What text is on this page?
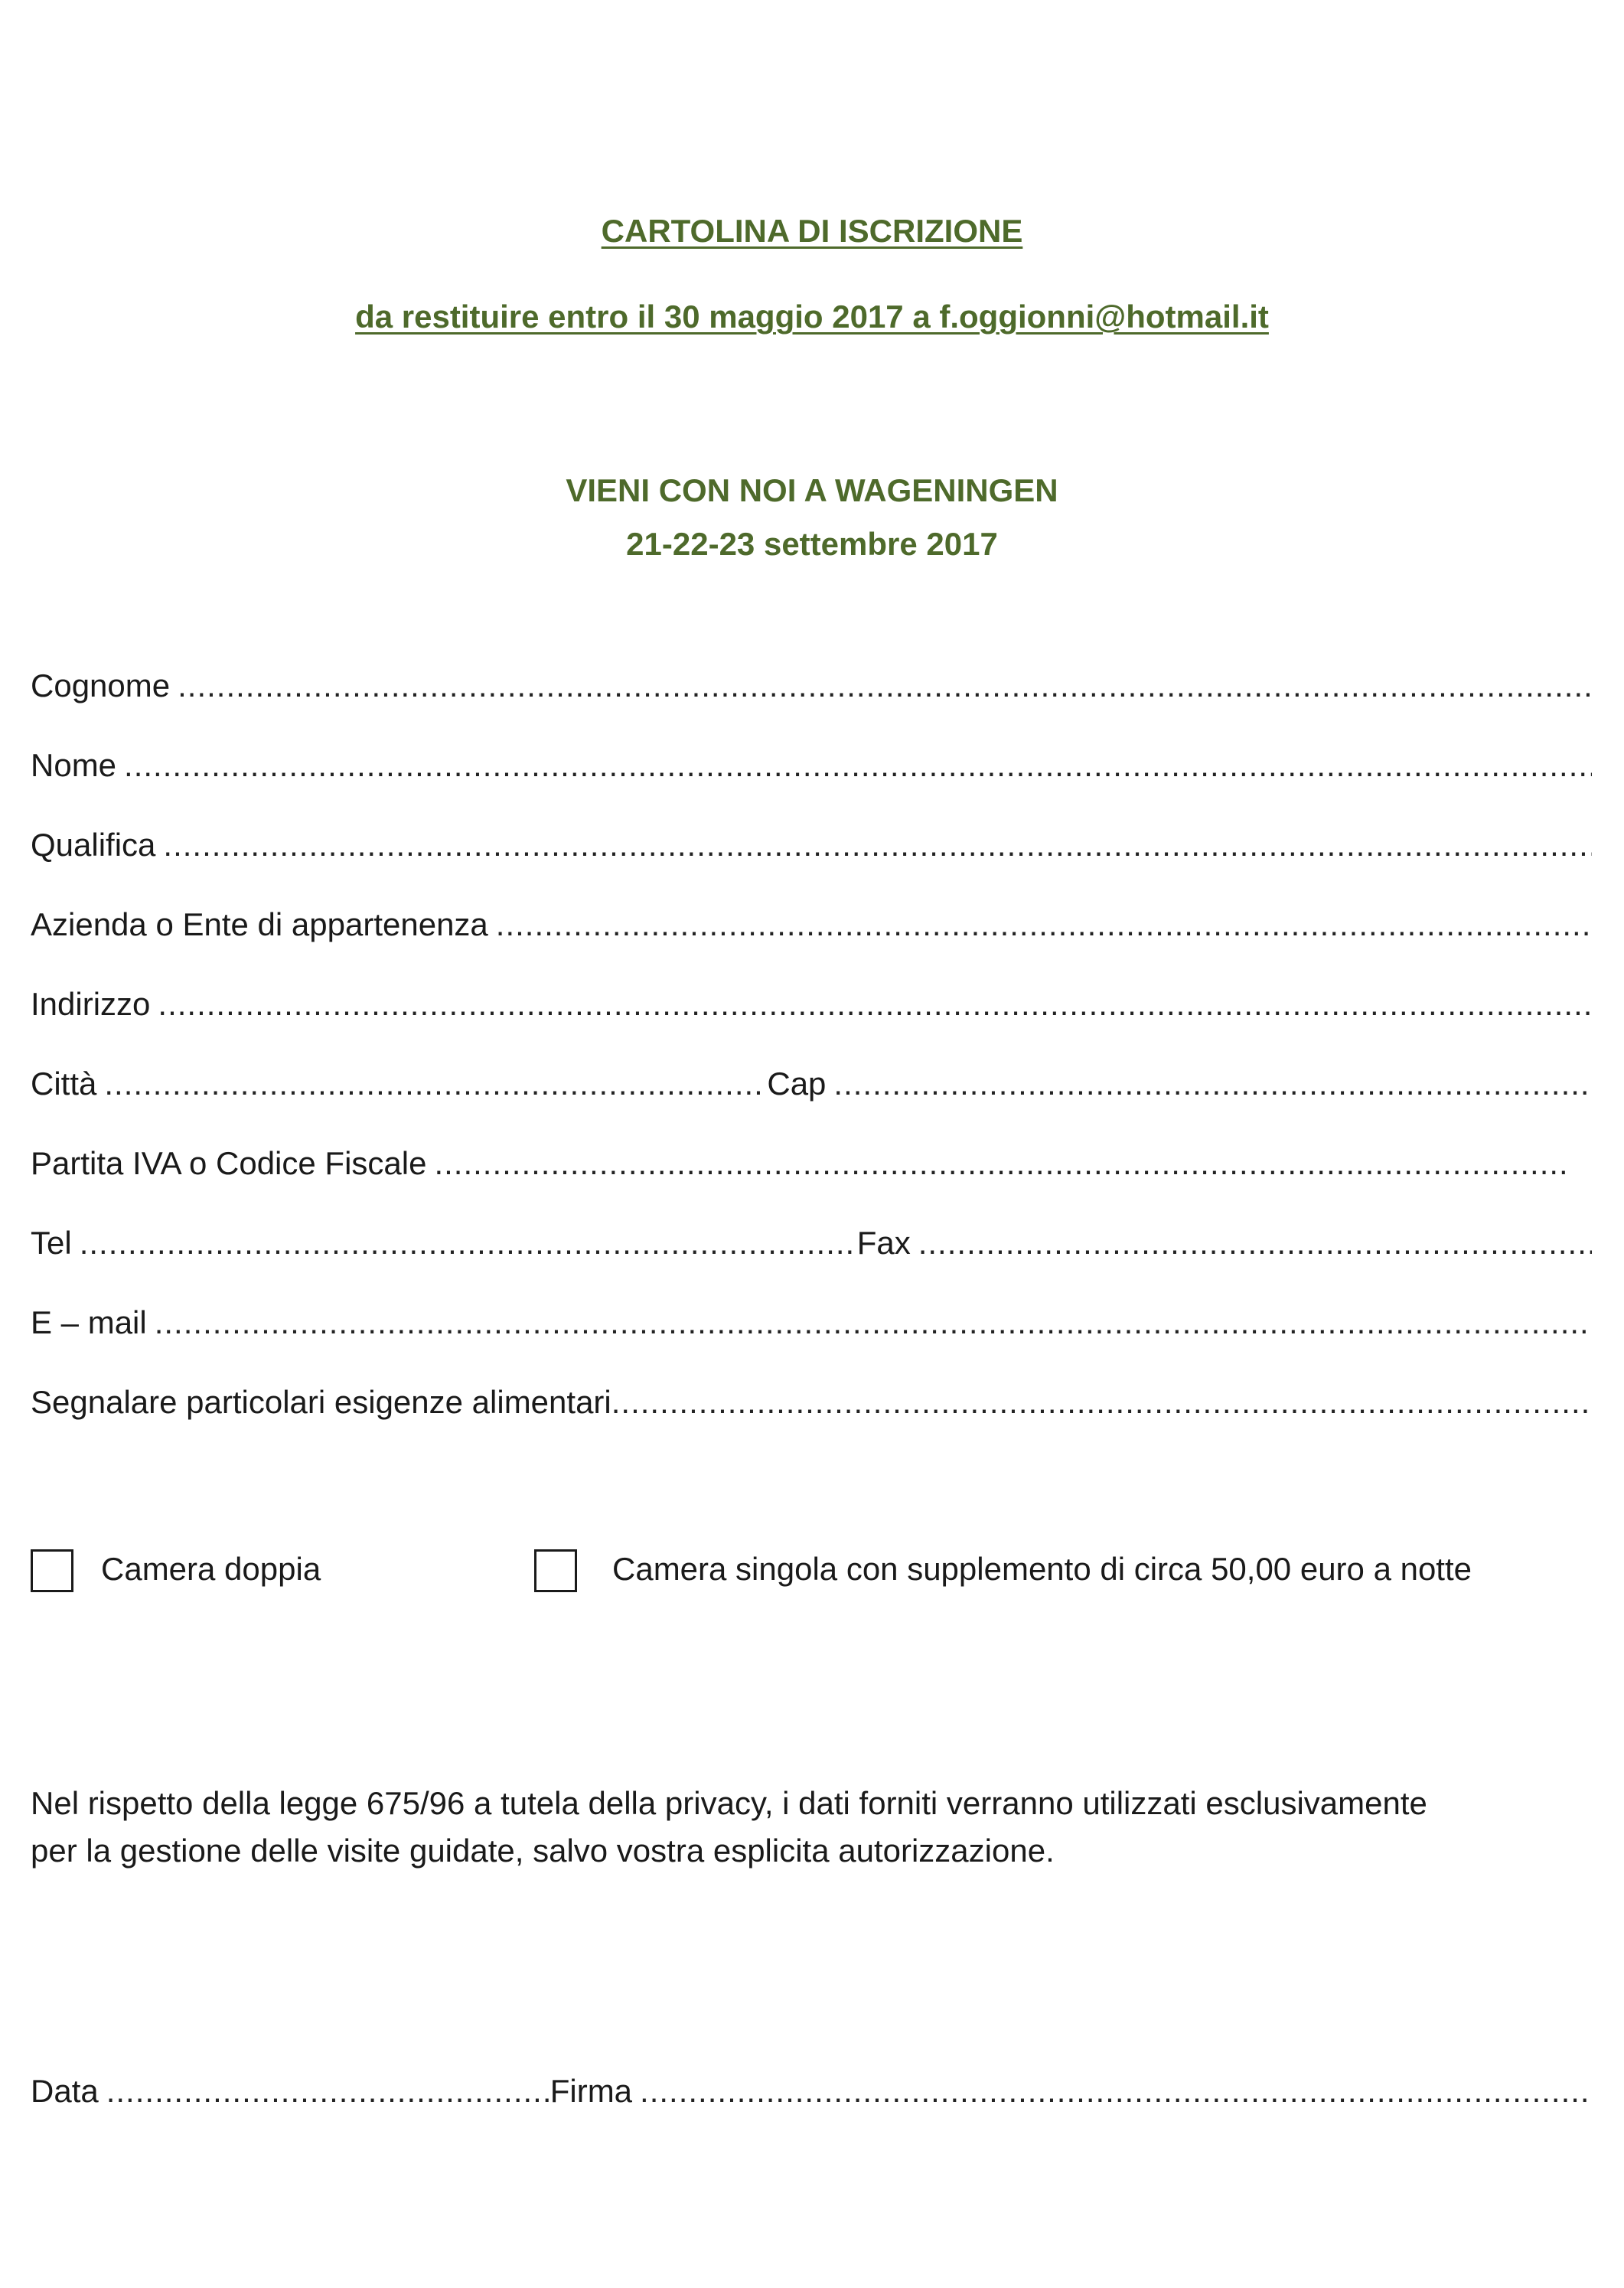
CARTOLINA DI ISCRIZIONE
da restituire entro il 30 maggio 2017 a f.oggionni@hotmail.it
VIENI CON NOI A WAGENINGEN
21-22-23 settembre 2017
Cognome
.....
Nome
.....
Qualifica
.....
Azienda o Ente di appartenenza
.....
Indirizzo
.....
Città .....	Cap
.....
Partita IVA o Codice Fiscale
.....
Tel .....	Fax
.....
E – mail
.....
Segnalare particolari esigenze alimentari
.....
Camera doppia	Camera singola con supplemento di circa 50,00 euro a notte
Nel rispetto della legge 675/96 a tutela della privacy, i dati forniti verranno utilizzati esclusivamente
per la gestione delle visite guidate, salvo vostra esplicita autorizzazione.
Data .....	Firma
.....
